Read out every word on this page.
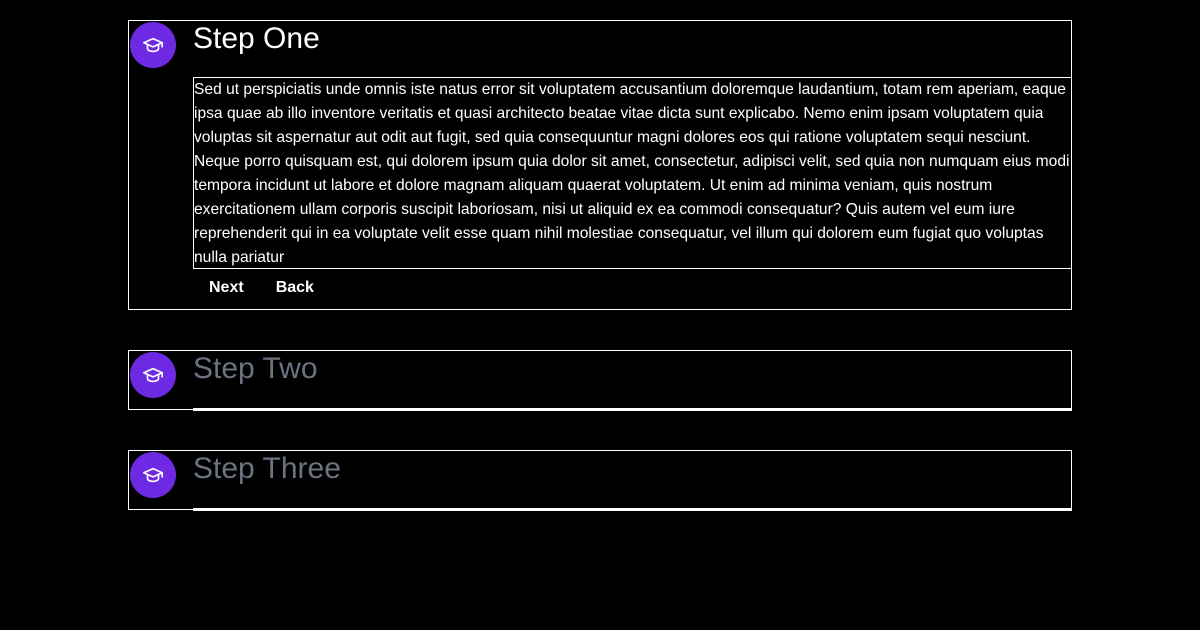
Step One
Sed ut perspiciatis unde omnis iste natus error sit voluptatem accusantium doloremque laudantium, totam rem aperiam, eaque ipsa quae ab illo inventore veritatis et quasi architecto beatae vitae dicta sunt explicabo. Nemo enim ipsam voluptatem quia voluptas sit aspernatur aut odit aut fugit, sed quia consequuntur magni dolores eos qui ratione voluptatem sequi nesciunt. Neque porro quisquam est, qui dolorem ipsum quia dolor sit amet, consectetur, adipisci velit, sed quia non numquam eius modi tempora incidunt ut labore et dolore magnam aliquam quaerat voluptatem. Ut enim ad minima veniam, quis nostrum exercitationem ullam corporis suscipit laboriosam, nisi ut aliquid ex ea commodi consequatur? Quis autem vel eum iure reprehenderit qui in ea voluptate velit esse quam nihil molestiae consequatur, vel illum qui dolorem eum fugiat quo voluptas nulla pariatur
Next	Back
Step Two
Step Three
